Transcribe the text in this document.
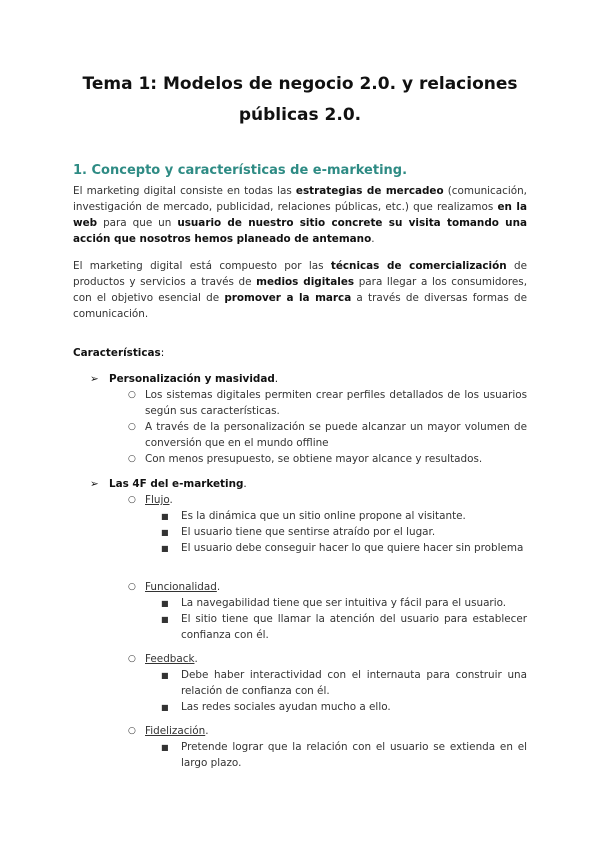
Tema 1: Modelos de negocio 2.0. y relaciones
públicas 2.0.
1. Concepto y características de e-marketing.

El marketing digital consiste en todas las estrategias de mercadeo (comunicación, investigación de mercado, publicidad, relaciones públicas, etc.) que realizamos en la web para que un usuario de nuestro sitio concrete su visita tomando una acción que nosotros hemos planeado de antemano.

El marketing digital está compuesto por las técnicas de comercialización de productos y servicios a través de medios digitales para llegar a los consumidores, con el objetivo esencial de promover a la marca a través de diversas formas de comunicación.

Características:

➢ Personalización y masividad.
○ Los sistemas digitales permiten crear perfiles detallados de los usuarios según sus características.
○ A través de la personalización se puede alcanzar un mayor volumen de conversión que en el mundo offline
○ Con menos presupuesto, se obtiene mayor alcance y resultados.
➢ Las 4F del e-marketing.
○ Flujo.
■ Es la dinámica que un sitio online propone al visitante.
■ El usuario tiene que sentirse atraído por el lugar.
■ El usuario debe conseguir hacer lo que quiere hacer sin problema
○ Funcionalidad.
■ La navegabilidad tiene que ser intuitiva y fácil para el usuario.
■ El sitio tiene que llamar la atención del usuario para establecer confianza con él.
○ Feedback.
■ Debe haber interactividad con el internauta para construir una relación de confianza con él.
■ Las redes sociales ayudan mucho a ello.
○ Fidelización.
■ Pretende lograr que la relación con el usuario se extienda en el largo plazo.
